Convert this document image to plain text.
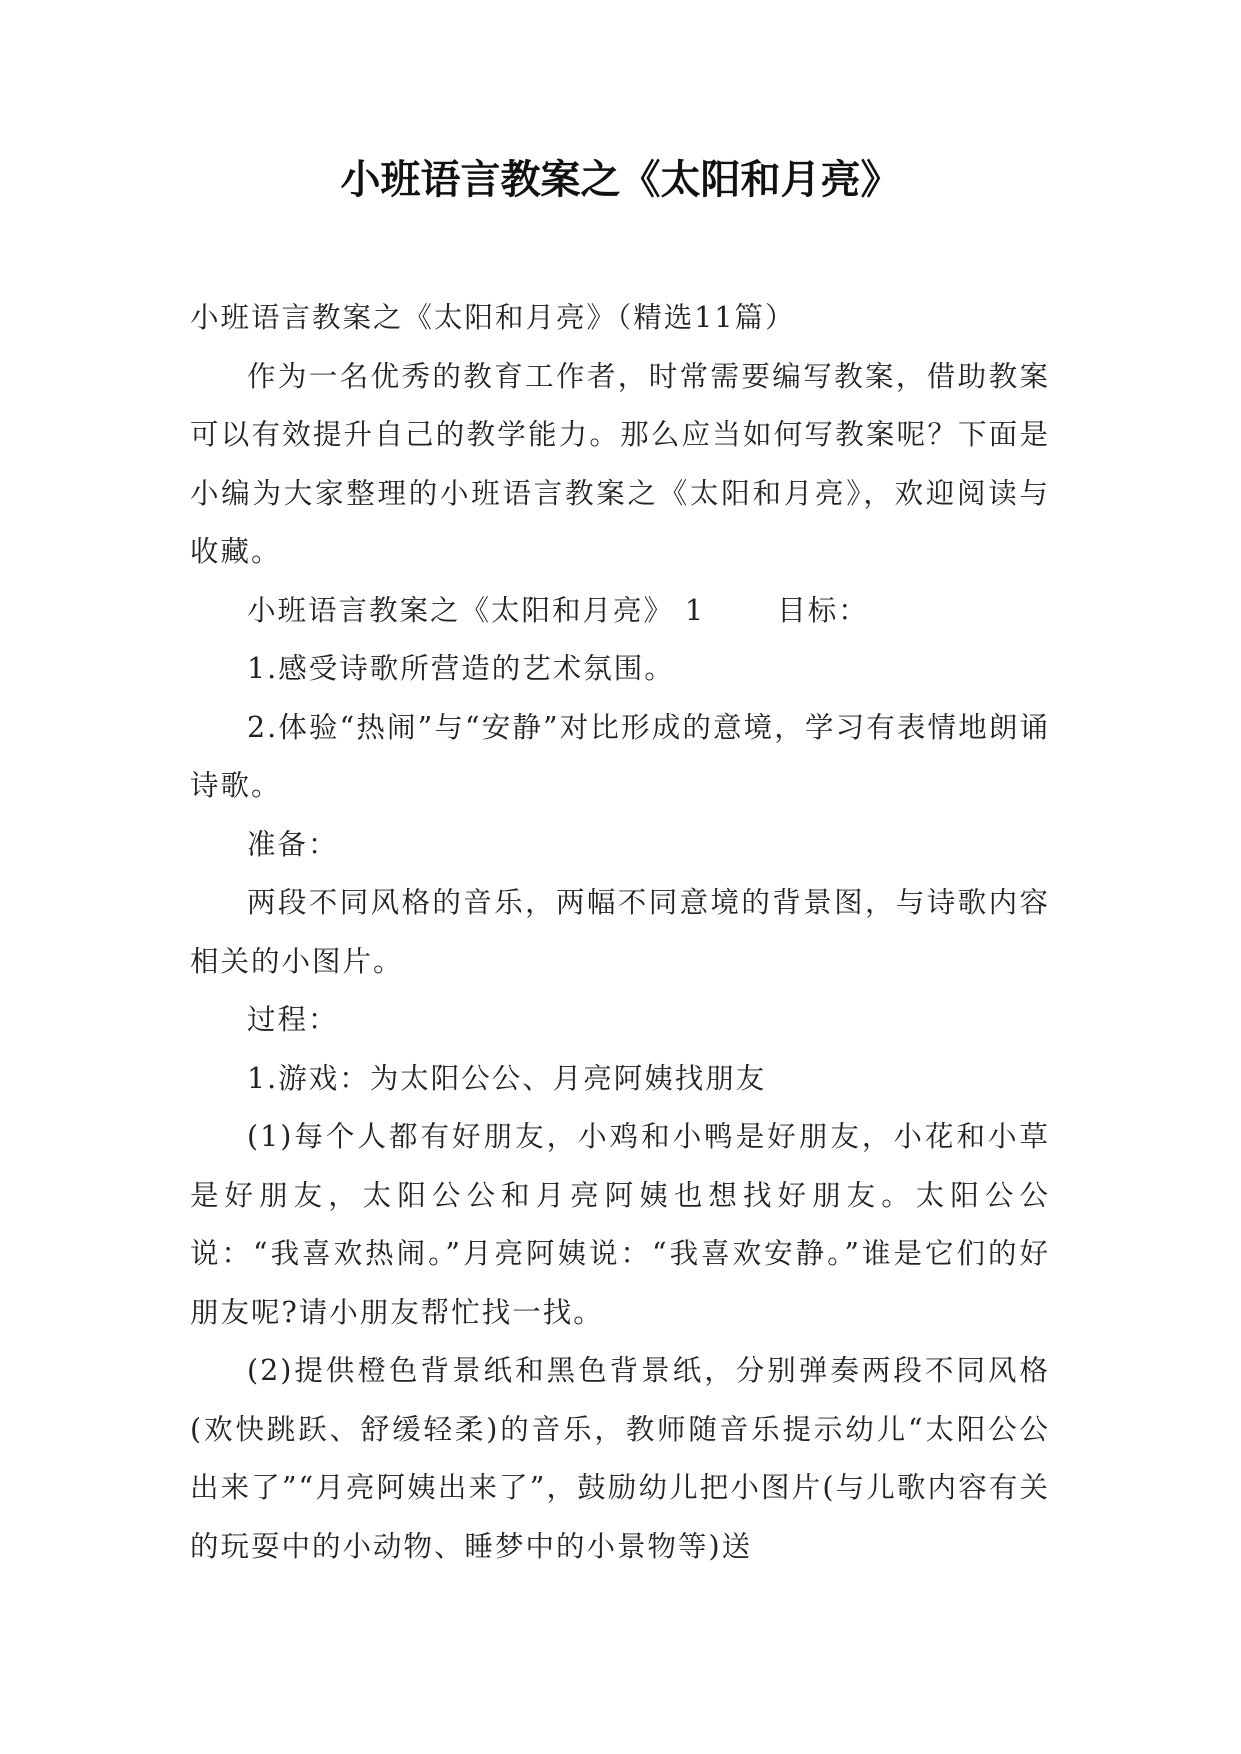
小班语言教案之《太阳和月亮》

小班语言教案之《太阳和月亮》（精选11篇）

作为一名优秀的教育工作者，时常需要编写教案，借助教案可以有效提升自己的教学能力。那么应当如何写教案呢？下面是小编为大家整理的小班语言教案之《太阳和月亮》，欢迎阅读与收藏。

小班语言教案之《太阳和月亮》 1	目标：

1.感受诗歌所营造的艺术氛围。

2.体验“热闹”与“安静”对比形成的意境，学习有表情地朗诵诗歌。

准备：

两段不同风格的音乐，两幅不同意境的背景图，与诗歌内容相关的小图片。

过程：

1.游戏：为太阳公公、月亮阿姨找朋友

(1)每个人都有好朋友，小鸡和小鸭是好朋友，小花和小草是好朋友，太阳公公和月亮阿姨也想找好朋友。太阳公公说：“我喜欢热闹。”月亮阿姨说：“我喜欢安静。”谁是它们的好朋友呢?请小朋友帮忙找一找。

(2)提供橙色背景纸和黑色背景纸，分别弹奏两段不同风格(欢快跳跃、舒缓轻柔)的音乐，教师随音乐提示幼儿“太阳公公出来了”“月亮阿姨出来了”，鼓励幼儿把小图片(与儿歌内容有关的玩耍中的小动物、睡梦中的小景物等)送
